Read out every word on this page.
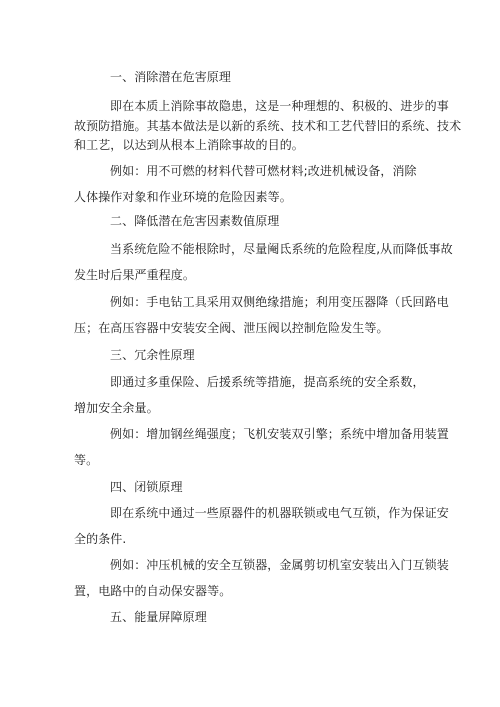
一、消除潜在危害原理
即在本质上消除事故隐患，这是一种理想的、积极的、进步的事
故预防措施。其基本做法是以新的系统、技术和工艺代替旧的系统、技术
和工艺，以达到从根本上消除事故的目的。
例如：用不可燃的材料代替可燃材料;改进机械设备，消除
人体操作对象和作业环境的危险因素等。
二、降低潜在危害因素数值原理
当系统危险不能根除时，尽量阉氐系统的危险程度,从而降低事故
发生时后果严重程度。
例如：手电钻工具采用双侧绝缘措施；利用变压器降（氏回路电
压；在高压容器中安装安全阀、泄压阀以控制危险发生等。
三、冗余性原理
即通过多重保险、后援系统等措施，提高系统的安全系数，
增加安全余量。
例如：增加钢丝绳强度；飞机安装双引擎；系统中增加备用装置
等。
四、闭锁原理
即在系统中通过一些原器件的机器联锁或电气互锁，作为保证安
全的条件.
例如：冲压机械的安全互锁器，金属剪切机室安装出入门互锁装
置，电路中的自动保安器等。
五、能量屏障原理
